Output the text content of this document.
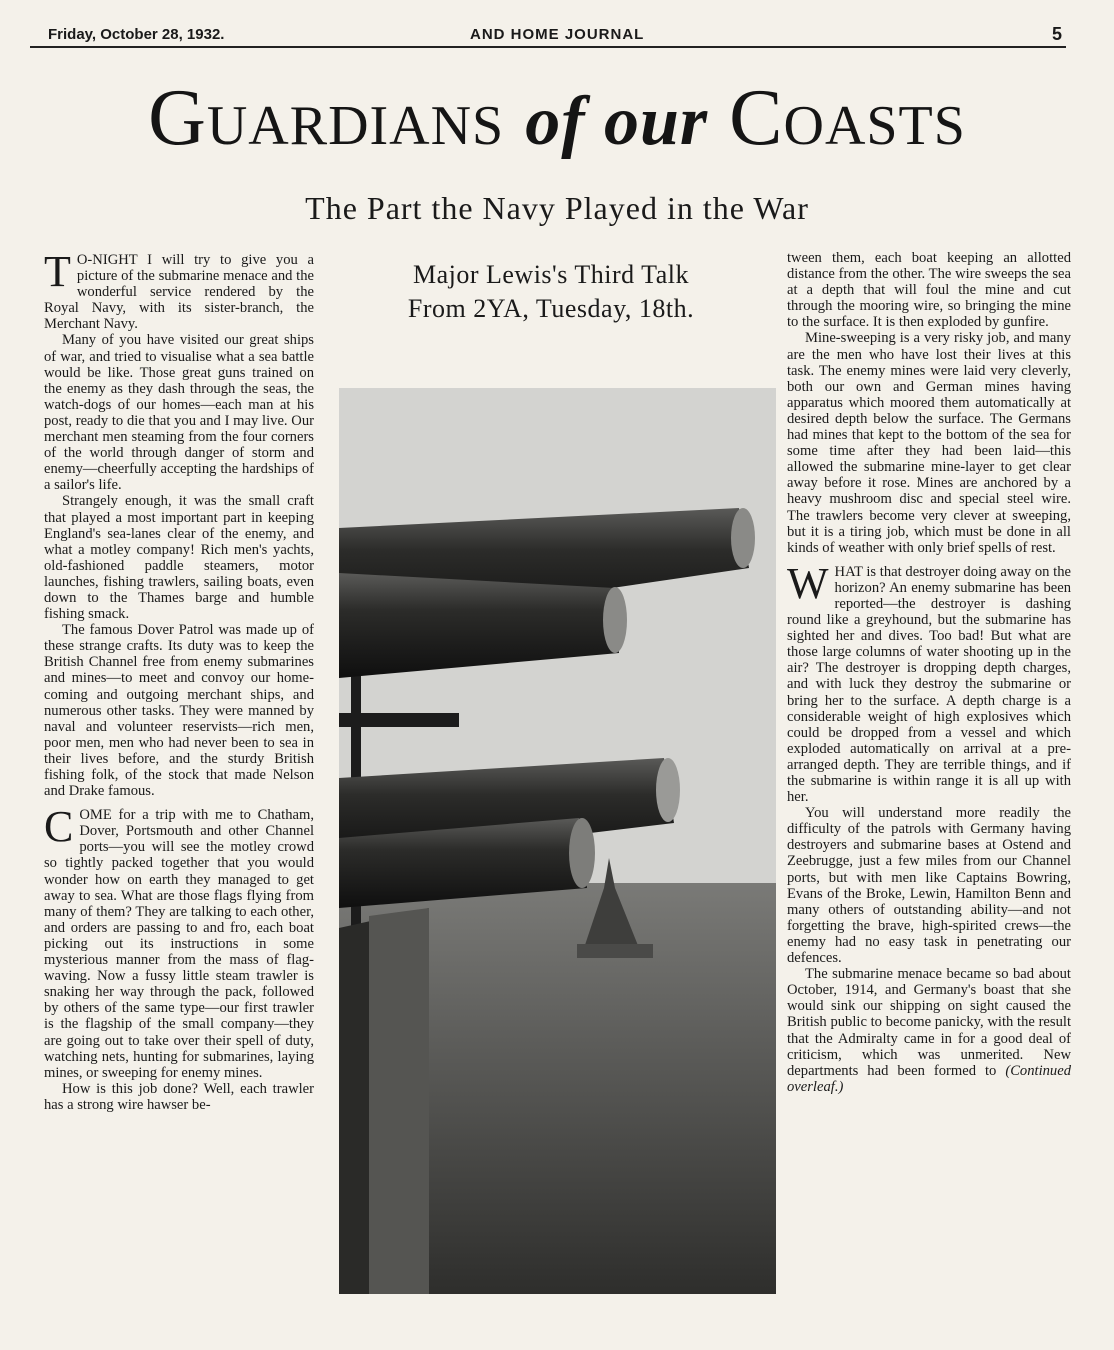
Friday, October 28, 1932.	AND HOME JOURNAL	5
Guardians of our Coasts
The Part the Navy Played in the War

T O-NIGHT I will try to give you a picture of the submarine menace and the wonderful service rendered by the Royal Navy, with its sister-branch, the Merchant Navy.

Many of you have visited our great ships of war, and tried to visualise what a sea battle would be like. Those great guns trained on the enemy as they dash through the seas, the watch-dogs of our homes—each man at his post, ready to die that you and I may live. Our merchant men steaming from the four corners of the world through danger of storm and enemy—cheerfully accepting the hardships of a sailor's life.

Strangely enough, it was the small craft that played a most important part in keeping England's sea-lanes clear of the enemy, and what a motley company! Rich men's yachts, old-fashioned paddle steamers, motor launches, fishing trawlers, sailing boats, even down to the Thames barge and humble fishing smack.

The famous Dover Patrol was made up of these strange crafts. Its duty was to keep the British Channel free from enemy submarines and mines—to meet and convoy our home-coming and outgoing merchant ships, and numerous other tasks. They were manned by naval and volunteer reservists—rich men, poor men, men who had never been to sea in their lives before, and the sturdy British fishing folk, of the stock that made Nelson and Drake famous.

COME for a trip with me to Chatham, Dover, Portsmouth and other Channel ports—you will see the motley crowd so tightly packed together that you would wonder how on earth they managed to get away to sea. What are those flags flying from many of them? They are talking to each other, and orders are passing to and fro, each boat picking out its instructions in some mysterious manner from the mass of flag-waving. Now a fussy little steam trawler is snaking her way through the pack, followed by others of the same type—our first trawler is the flagship of the small company—they are going out to take over their spell of duty, watching nets, hunting for submarines, laying mines, or sweeping for enemy mines.

How is this job done? Well, each trawler has a strong wire hawser be-

Major Lewis's Third Talk
From 2YA, Tuesday, 18th.

tween them, each boat keeping an allotted distance from the other. The wire sweeps the sea at a depth that will foul the mine and cut through the mooring wire, so bringing the mine to the surface. It is then exploded by gunfire.

Mine-sweeping is a very risky job, and many are the men who have lost their lives at this task. The enemy mines were laid very cleverly, both our own and German mines having apparatus which moored them automatically at desired depth below the surface. The Germans had mines that kept to the bottom of the sea for some time after they had been laid—this allowed the submarine mine-layer to get clear away before it rose. Mines are anchored by a heavy mushroom disc and special steel wire. The trawlers become very clever at sweeping, but it is a tiring job, which must be done in all kinds of weather with only brief spells of rest.

WHAT is that destroyer doing away on the horizon? An enemy submarine has been reported—the destroyer is dashing round like a greyhound, but the submarine has sighted her and dives. Too bad! But what are those large columns of water shooting up in the air? The destroyer is dropping depth charges, and with luck they destroy the submarine or bring her to the surface. A depth charge is a considerable weight of high explosives which could be dropped from a vessel and which exploded automatically on arrival at a pre-arranged depth. They are terrible things, and if the submarine is within range it is all up with her.

You will understand more readily the difficulty of the patrols with Germany having destroyers and submarine bases at Ostend and Zeebrugge, just a few miles from our Channel ports, but with men like Captains Bowring, Evans of the Broke, Lewin, Hamilton Benn and many others of outstanding ability—and not forgetting the brave, high-spirited crews—the enemy had no easy task in penetrating our defences.

The submarine menace became so bad about October, 1914, and Germany's boast that she would sink our shipping on sight caused the British public to become panicky, with the result that the Admiralty came in for a good deal of criticism, which was unmerited. New departments had been formed to (Continued overleaf.)
